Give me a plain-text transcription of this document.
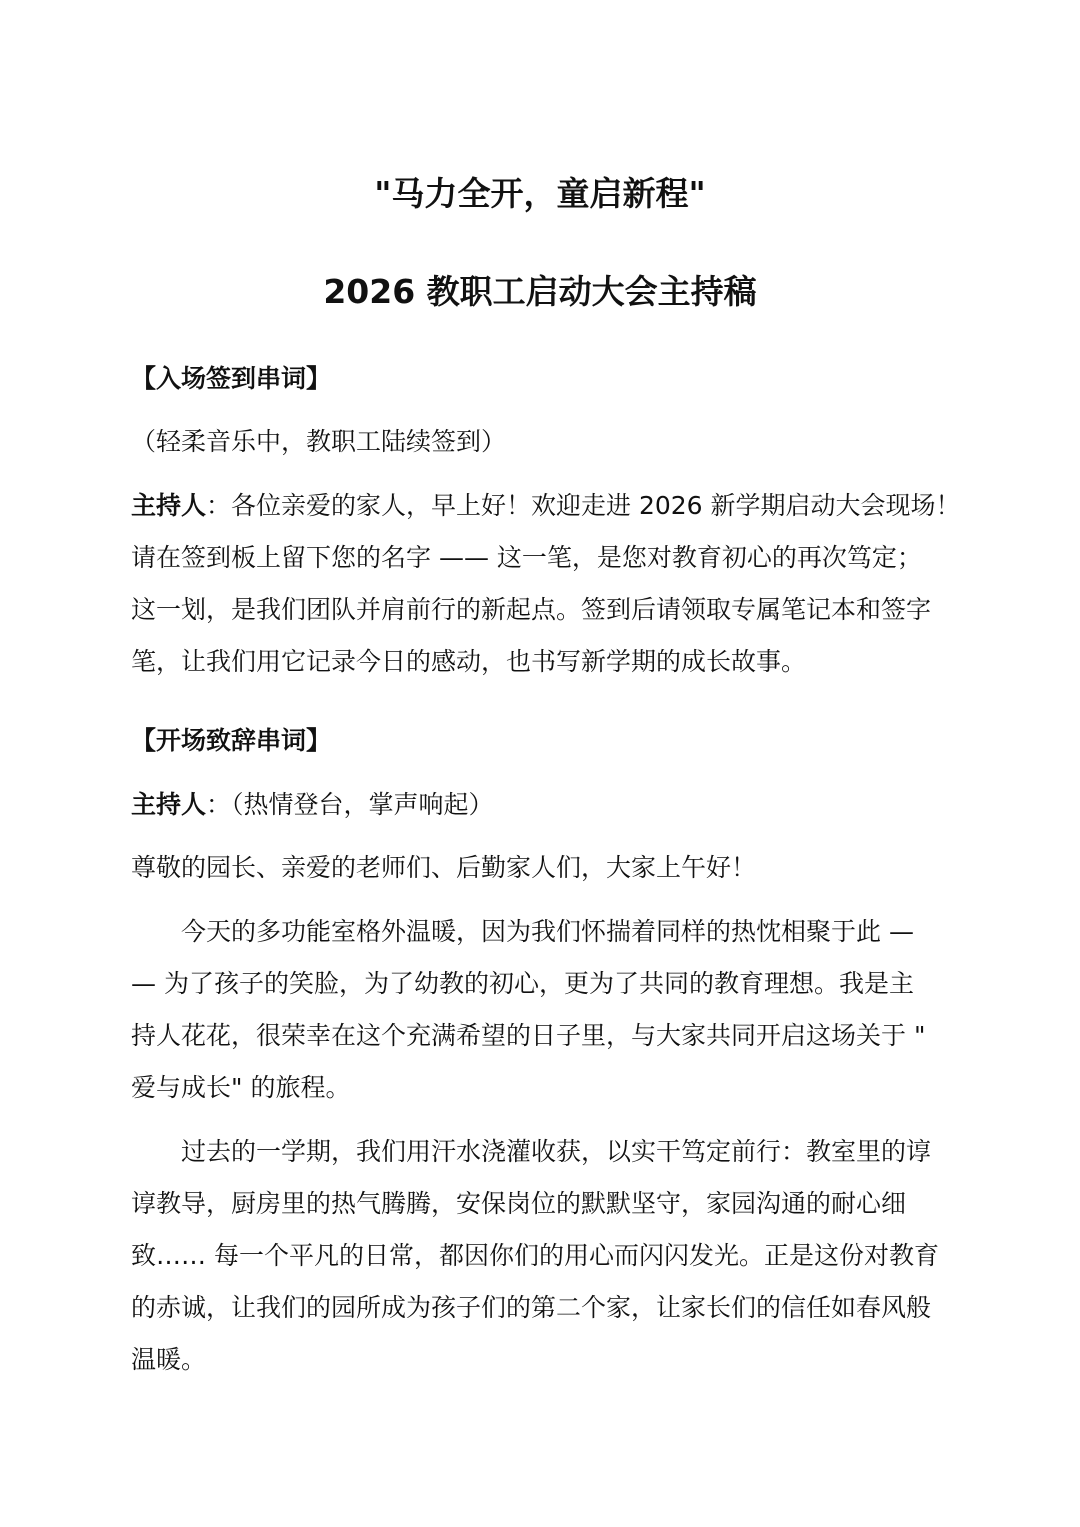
"马力全开，童启新程"
2026 教职工启动大会主持稿

【入场签到串词】

（轻柔音乐中，教职工陆续签到）

主持人：各位亲爱的家人，早上好！欢迎走进 2026 新学期启动大会现场！

请在签到板上留下您的名字 —— 这一笔，是您对教育初心的再次笃定；

这一划，是我们团队并肩前行的新起点。签到后请领取专属笔记本和签字

笔，让我们用它记录今日的感动，也书写新学期的成长故事。

【开场致辞串词】

主持人：（热情登台，掌声响起）

尊敬的园长、亲爱的老师们、后勤家人们，大家上午好！

今天的多功能室格外温暖，因为我们怀揣着同样的热忱相聚于此 —

— 为了孩子的笑脸，为了幼教的初心，更为了共同的教育理想。我是主

持人花花，很荣幸在这个充满希望的日子里，与大家共同开启这场关于 "

爱与成长" 的旅程。

过去的一学期，我们用汗水浇灌收获，以实干笃定前行：教室里的谆

谆教导，厨房里的热气腾腾，安保岗位的默默坚守，家园沟通的耐心细

致…… 每一个平凡的日常，都因你们的用心而闪闪发光。正是这份对教育

的赤诚，让我们的园所成为孩子们的第二个家，让家长们的信任如春风般

温暖。
